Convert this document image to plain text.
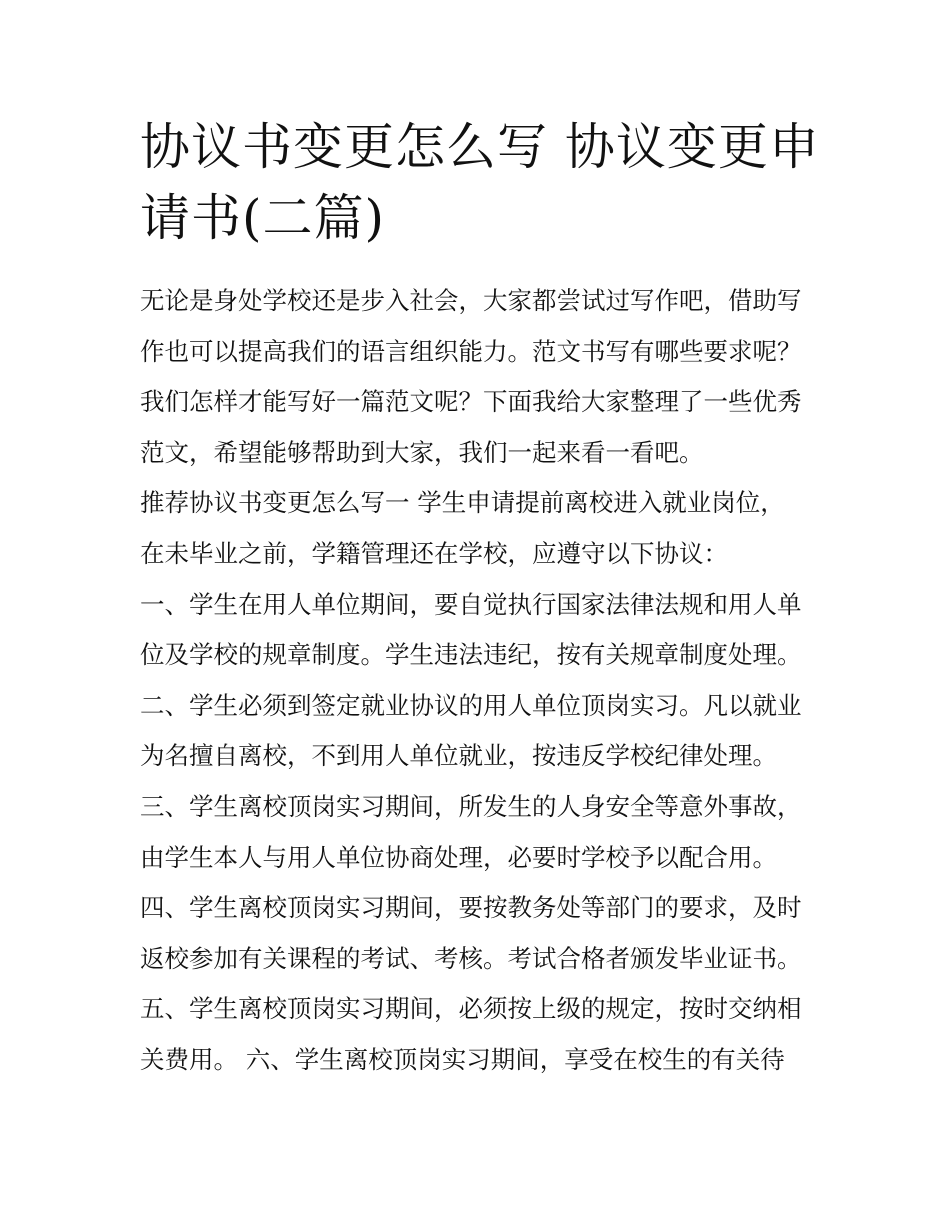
协议书变更怎么写 协议变更申
请书(二篇)

无论是身处学校还是步入社会，大家都尝试过写作吧，借助写

作也可以提高我们的语言组织能力。范文书写有哪些要求呢？

我们怎样才能写好一篇范文呢？下面我给大家整理了一些优秀

范文，希望能够帮助到大家，我们一起来看一看吧。

推荐协议书变更怎么写一 学生申请提前离校进入就业岗位，

在未毕业之前，学籍管理还在学校，应遵守以下协议：

一、学生在用人单位期间，要自觉执行国家法律法规和用人单

位及学校的规章制度。学生违法违纪，按有关规章制度处理。

二、学生必须到签定就业协议的用人单位顶岗实习。凡以就业

为名擅自离校，不到用人单位就业，按违反学校纪律处理。

三、学生离校顶岗实习期间，所发生的人身安全等意外事故，

由学生本人与用人单位协商处理，必要时学校予以配合用。

四、学生离校顶岗实习期间，要按教务处等部门的要求，及时

返校参加有关课程的考试、考核。考试合格者颁发毕业证书。

五、学生离校顶岗实习期间，必须按上级的规定，按时交纳相

关费用。 六、学生离校顶岗实习期间，享受在校生的有关待
